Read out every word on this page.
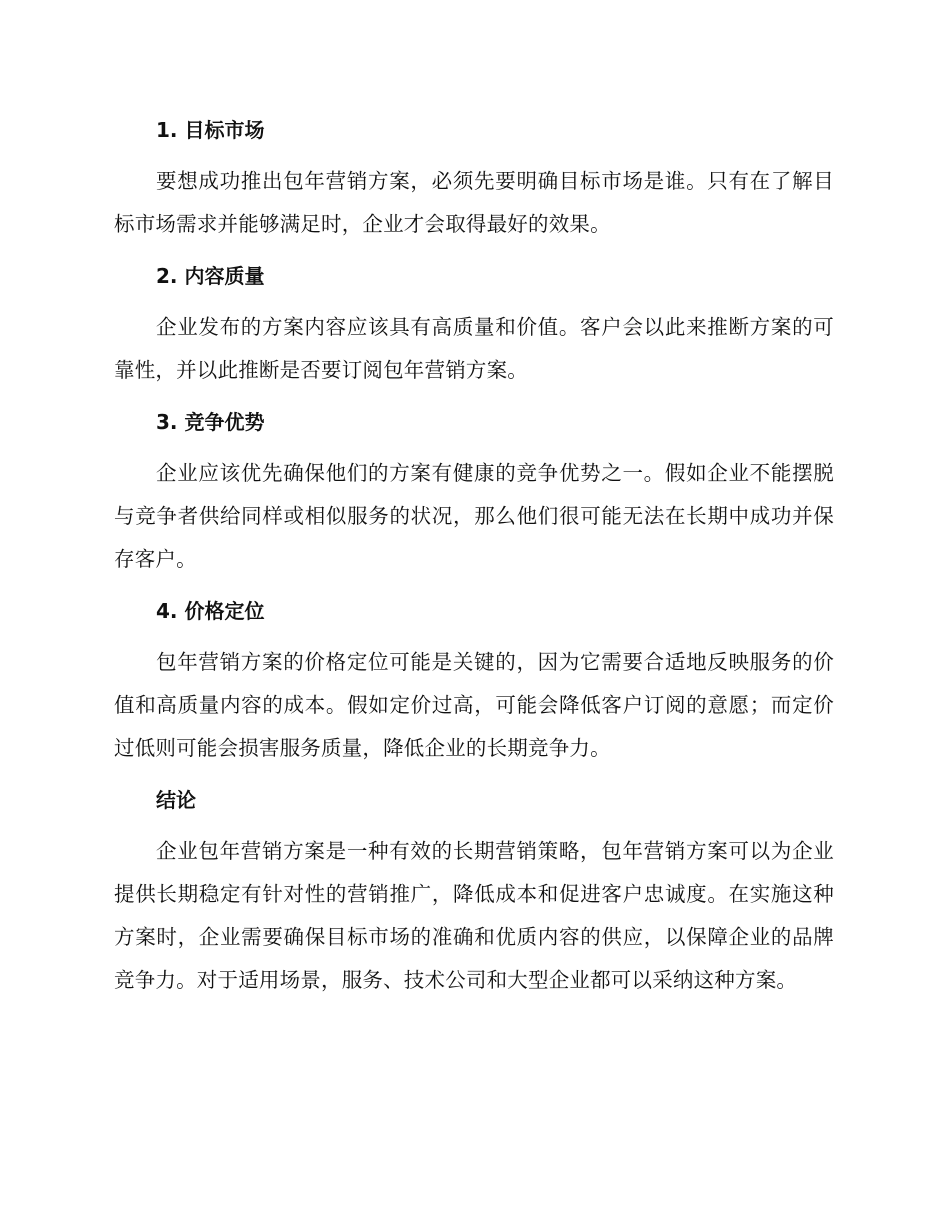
1. 目标市场

要想成功推出包年营销方案，必须先要明确目标市场是谁。只有在了解目标市场需求并能够满足时，企业才会取得最好的效果。

2. 内容质量

企业发布的方案内容应该具有高质量和价值。客户会以此来推断方案的可靠性，并以此推断是否要订阅包年营销方案。

3. 竞争优势

企业应该优先确保他们的方案有健康的竞争优势之一。假如企业不能摆脱与竞争者供给同样或相似服务的状况，那么他们很可能无法在长期中成功并保存客户。

4. 价格定位

包年营销方案的价格定位可能是关键的，因为它需要合适地反映服务的价值和高质量内容的成本。假如定价过高，可能会降低客户订阅的意愿；而定价过低则可能会损害服务质量，降低企业的长期竞争力。

结论

企业包年营销方案是一种有效的长期营销策略，包年营销方案可以为企业提供长期稳定有针对性的营销推广，降低成本和促进客户忠诚度。在实施这种方案时，企业需要确保目标市场的准确和优质内容的供应，以保障企业的品牌竞争力。对于适用场景，服务、技术公司和大型企业都可以采纳这种方案。
